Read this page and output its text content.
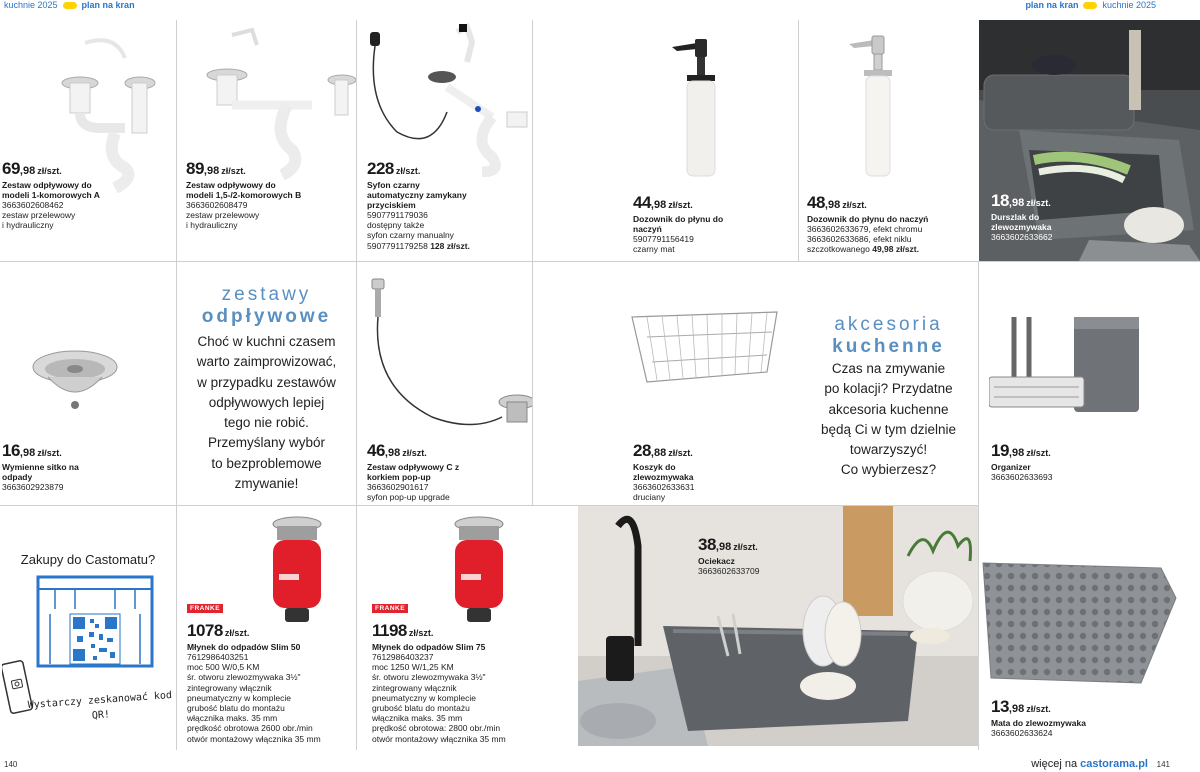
kuchnie 2025	plan na kran	plan na kran	kuchnie 2025
69,98 zł/szt.
Zestaw odpływowy do modeli 1-komorowych A
3663602608462
zestaw przelewowy
i hydrauliczny
89,98 zł/szt.
Zestaw odpływowy do modeli 1,5-/2-komorowych B
3663602608479
zestaw przelewowy
i hydrauliczny
228 zł/szt.
Syfon czarny automatyczny zamykany przyciskiem
5907791179036
dostępny także
syfon czarny manualny
5907791179258 128 zł/szt.
44,98 zł/szt.
Dozownik do płynu do naczyń
5907791156419
czarny mat
48,98 zł/szt.
Dozownik do płynu do naczyń
3663602633679, efekt chromu
3663602633686, efekt niklu
szczotkowanego 49,98 zł/szt.
18,98 zł/szt.
Durszlak do zlewozmywaka
3663602633662
16,98 zł/szt.
Wymienne sitko na odpady
3663602923879
zestawy
odpływowe
Choć w kuchni czasem
warto zaimprowizować,
w przypadku zestawów
odpływowych lepiej
tego nie robić.
Przemyślany wybór
to bezproblemowe
zmywanie!
46,98 zł/szt.
Zestaw odpływowy C z korkiem pop-up
3663602901617
syfon pop-up upgrade
28,88 zł/szt.
Koszyk do zlewozmywaka
3663602633631
druciany
akcesoria
kuchenne
Czas na zmywanie
po kolacji? Przydatne
akcesoria kuchenne
będą Ci w tym dzielnie
towarzyszyć!
Co wybierzesz?
19,98 zł/szt.
Organizer
3663602633693
Zakupy do Castomatu?
Wystarczy zeskanować kod QR!
FRANKE
1078 zł/szt.
Młynek do odpadów Slim 50
7612986403251
moc 500 W/0,5 KM
śr. otworu zlewozmywaka 3½"
zintegrowany włącznik
pneumatyczny w komplecie
grubość blatu do montażu
włącznika maks. 35 mm
prędkość obrotowa 2600 obr./min
otwór montażowy włącznika 35 mm
FRANKE
1198 zł/szt.
Młynek do odpadów Slim 75
7612986403237
moc 1250 W/1,25 KM
śr. otworu zlewozmywaka 3½"
zintegrowany włącznik
pneumatyczny w komplecie
grubość blatu do montażu
włącznika maks. 35 mm
prędkość obrotowa: 2800 obr./min
otwór montażowy włącznika 35 mm
38,98 zł/szt.
Ociekacz
3663602633709
13,98 zł/szt.
Mata do zlewozmywaka
3663602633624
140	więcej na castorama.pl 141
